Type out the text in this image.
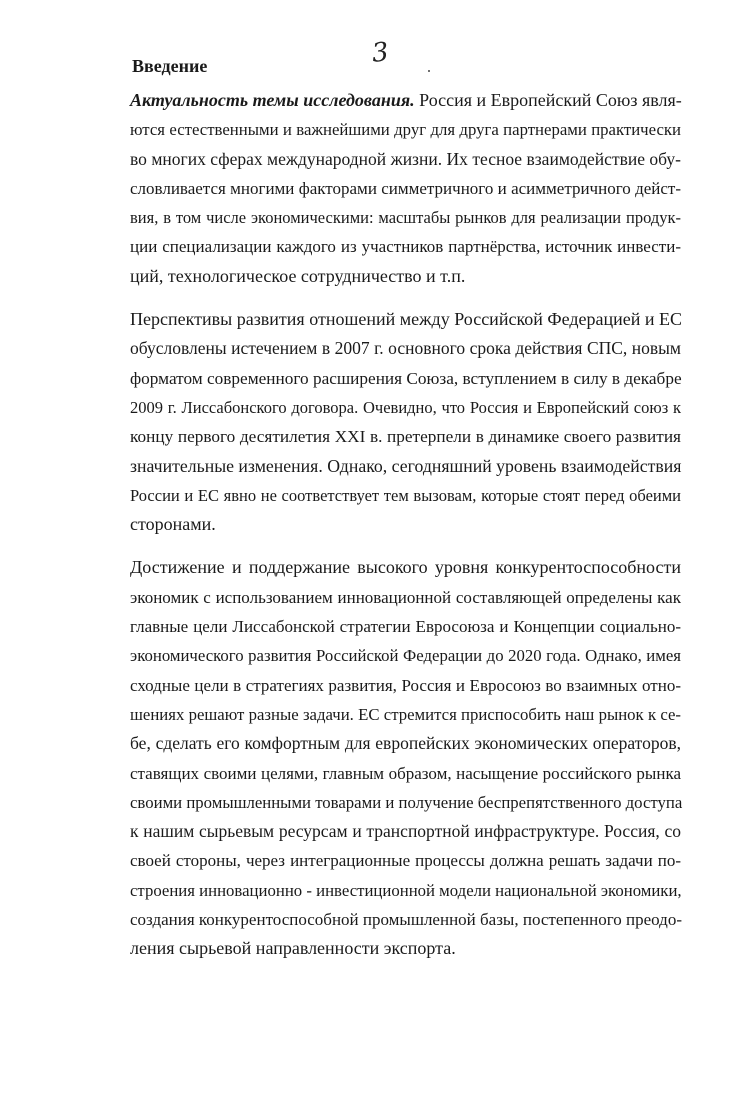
3
Введение

Актуальность темы исследования. Россия и Европейский Союз явля-
ются естественными и важнейшими друг для друга партнерами практически
во многих сферах международной жизни. Их тесное взаимодействие обу-
словливается многими факторами симметричного и асимметричного дейст-
вия, в том числе экономическими: масштабы рынков для реализации продук-
ции специализации каждого из участников партнёрства, источник инвести-
ций, технологическое сотрудничество и т.п.

Перспективы развития отношений между Российской Федерацией и ЕС
обусловлены истечением в 2007 г. основного срока действия СПС, новым
форматом современного расширения Союза, вступлением в силу в декабре
2009 г. Лиссабонского договора. Очевидно, что Россия и Европейский союз к
концу первого десятилетия XXI в. претерпели в динамике своего развития
значительные изменения. Однако, сегодняшний уровень взаимодействия
России и ЕС явно не соответствует тем вызовам, которые стоят перед обеими
сторонами.

Достижение и поддержание высокого уровня конкурентоспособности
экономик с использованием инновационной составляющей определены как
главные цели Лиссабонской стратегии Евросоюза и Концепции социально-
экономического развития Российской Федерации до 2020 года. Однако, имея
сходные цели в стратегиях развития, Россия и Евросоюз во взаимных отно-
шениях решают разные задачи. ЕС стремится приспособить наш рынок к се-
бе, сделать его комфортным для европейских экономических операторов,
ставящих своими целями, главным образом, насыщение российского рынка
своими промышленными товарами и получение беспрепятственного доступа
к нашим сырьевым ресурсам и транспортной инфраструктуре. Россия, со
своей стороны, через интеграционные процессы должна решать задачи по-
строения инновационно - инвестиционной модели национальной экономики,
создания конкурентоспособной промышленной базы, постепенного преодо-
ления сырьевой направленности экспорта.
